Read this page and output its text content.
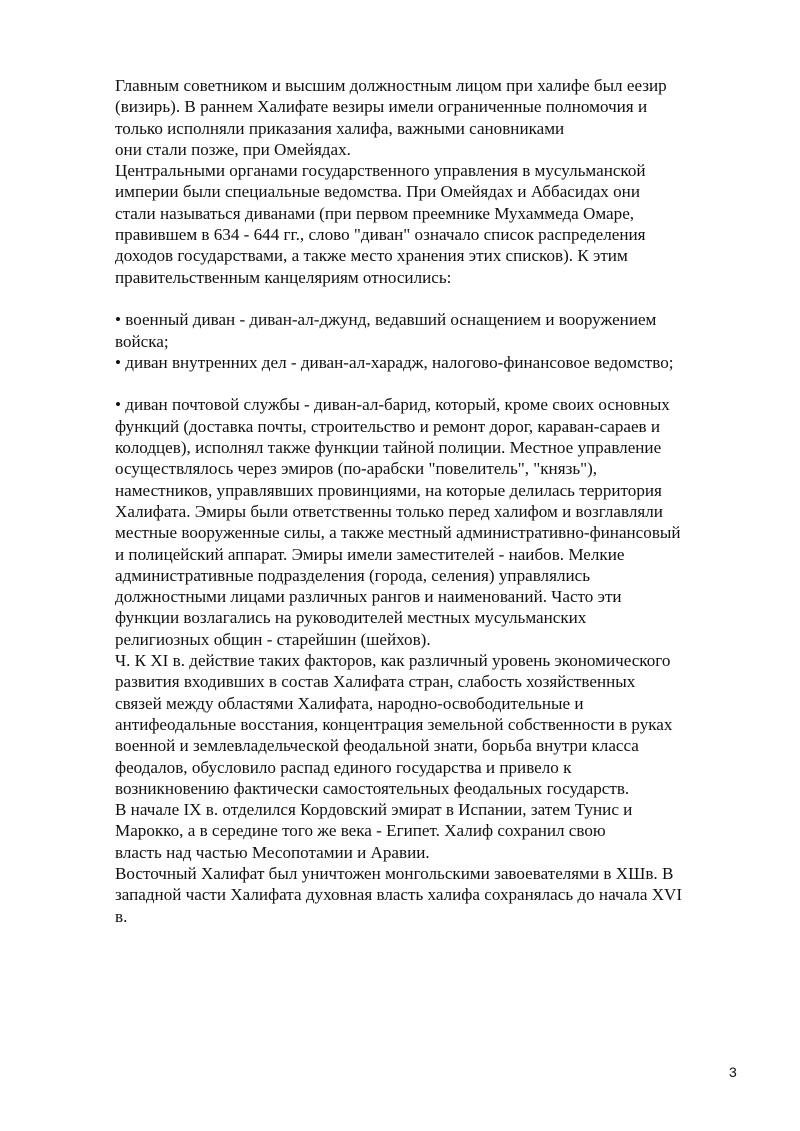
Главным советником и высшим должностным лицом при халифе был еезир
(визирь). В раннем Халифате везиры имели ограниченные полномочия и
только исполняли приказания халифа, важными сановниками
они стали позже, при Омейядах.
Центральными органами государственного управления в мусульманской
империи были специальные ведомства. При Омейядах и Аббасидах они
стали называться диванами (при первом преемнике Мухаммеда Омаре,
правившем в 634 - 644 гг., слово "диван" означало список распределения
доходов государствами, а также место хранения этих списков). К этим
правительственным канцеляриям относились:
• военный диван - диван-ал-джунд, ведавший оснащением и вооружением
войска;
• диван внутренних дел - диван-ал-харадж, налогово-финансовое ведомство;
• диван почтовой службы - диван-ал-барид, который, кроме своих основных
функций (доставка почты, строительство и ремонт дорог, караван-сараев и
колодцев), исполнял также функции тайной полиции. Местное управление
осуществлялось через эмиров (по-арабски "повелитель", "князь"),
наместников, управлявших провинциями, на которые делилась территория
Халифата. Эмиры были ответственны только перед халифом и возглавляли
местные вооруженные силы, а также местный административно-финансовый
и полицейский аппарат. Эмиры имели заместителей - наибов. Мелкие
административные подразделения (города, селения) управлялись
должностными лицами различных рангов и наименований. Часто эти
функции возлагались на руководителей местных мусульманских
религиозных общин - старейшин (шейхов).
Ч. К XI в. действие таких факторов, как различный уровень экономического
развития входивших в состав Халифата стран, слабость хозяйственных
связей между областями Халифата, народно-освободительные и
антифеодальные восстания, концентрация земельной собственности в руках
военной и землевладельческой феодальной знати, борьба внутри класса
феодалов, обусловило распад единого государства и привело к
возникновению фактически самостоятельных феодальных государств.
В начале IX в. отделился Кордовский эмират в Испании, затем Тунис и
Марокко, а в середине того же века - Египет. Халиф сохранил свою
власть над частью Месопотамии и Аравии.
Восточный Халифат был уничтожен монгольскими завоевателями в ХШв. В
западной части Халифата духовная власть халифа сохранялась до начала XVI
в.
3
